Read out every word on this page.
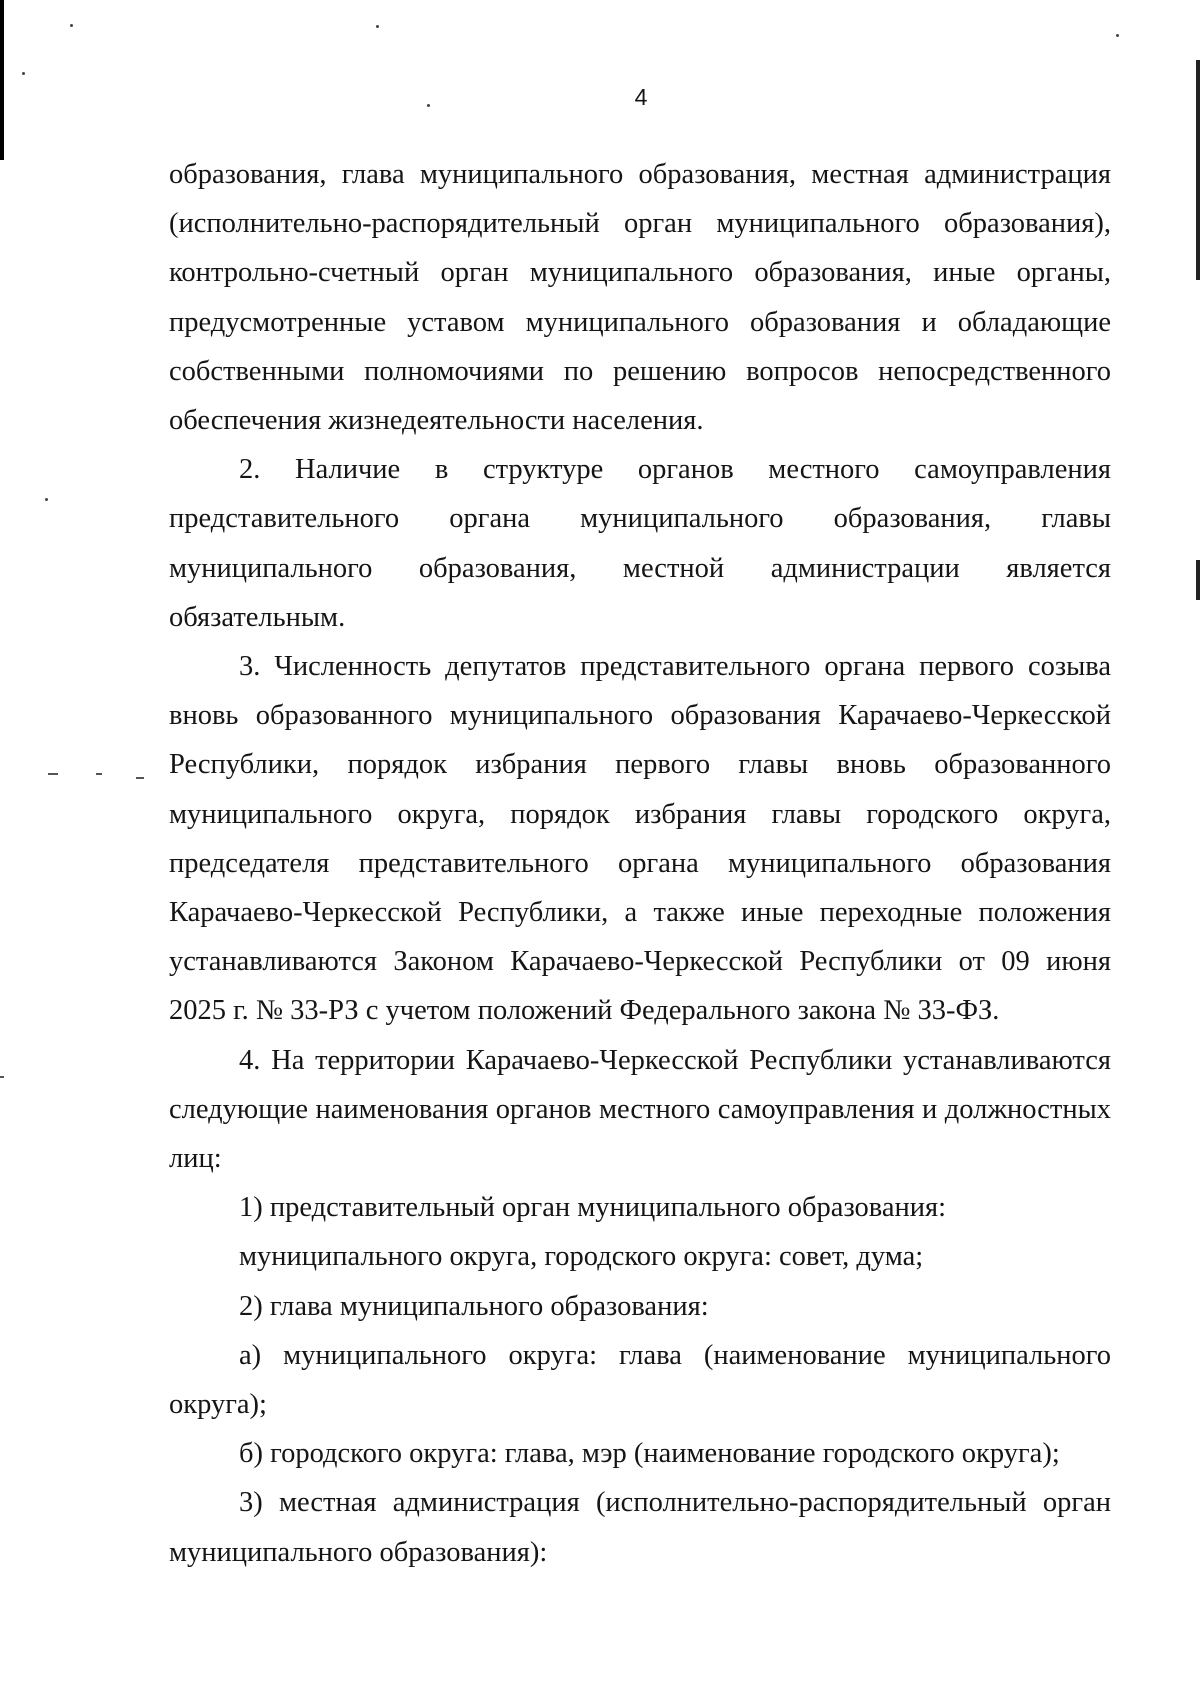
4

образования, глава муниципального образования, местная администрация (исполнительно-распорядительный орган муниципального образования), контрольно-счетный орган муниципального образования, иные органы, предусмотренные уставом муниципального образования и обладающие собственными полномочиями по решению вопросов непосредственного обеспечения жизнедеятельности населения.

2. Наличие в структуре органов местного самоуправления представительного органа муниципального образования, главы муниципального образования, местной администрации является обязательным.

3. Численность депутатов представительного органа первого созыва вновь образованного муниципального образования Карачаево-Черкесской Республики, порядок избрания первого главы вновь образованного муниципального округа, порядок избрания главы городского округа, председателя представительного органа муниципального образования Карачаево-Черкесской Республики, а также иные переходные положения устанавливаются Законом Карачаево-Черкесской Республики от 09 июня 2025 г. № 33-РЗ с учетом положений Федерального закона № 33-ФЗ.

4. На территории Карачаево-Черкесской Республики устанавливаются следующие наименования органов местного самоуправления и должностных лиц:

1) представительный орган муниципального образования:

муниципального округа, городского округа: совет, дума;

2) глава муниципального образования:

а) муниципального округа: глава (наименование муниципального округа);

б) городского округа: глава, мэр (наименование городского округа);

3) местная администрация (исполнительно-распорядительный орган муниципального образования):
